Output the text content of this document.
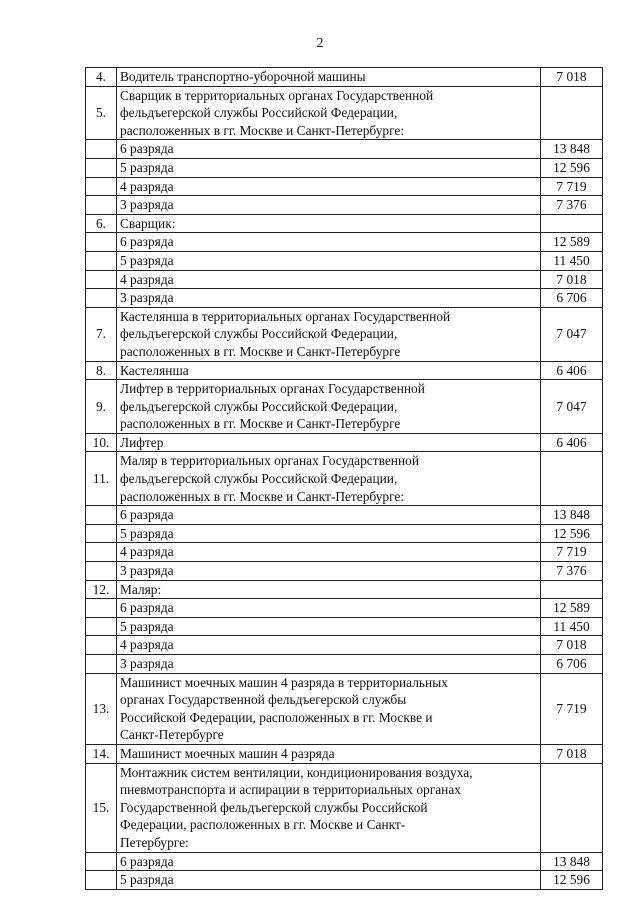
2
4.	Водитель транспортно-уборочной машины	7 018
5.	Сварщик в территориальных органах Государственной
фельдъегерской службы Российской Федерации,
расположенных в гг. Москве и Санкт-Петербурге:	

	6 разряда	13 848
	5 разряда	12 596
	4 разряда	7 719
	3 разряда	7 376
6.	Сварщик:	
	6 разряда	12 589
	5 разряда	11 450
	4 разряда	7 018
	3 разряда	6 706
7.	Кастелянша в территориальных органах Государственной
фельдъегерской службы Российской Федерации,
расположенных в гг. Москве и Санкт-Петербурге	7 047
8.	Кастелянша	6 406
9.	Лифтер в территориальных органах Государственной
фельдъегерской службы Российской Федерации,
расположенных в гг. Москве и Санкт-Петербурге	7 047
10.	Лифтер	6 406
11.	Маляр в территориальных органах Государственной
фельдъегерской службы Российской Федерации,
расположенных в гг. Москве и Санкт-Петербурге:	

	6 разряда	13 848
	5 разряда	12 596
	4 разряда	7 719
	3 разряда	7 376
12.	Маляр:	
	6 разряда	12 589
	5 разряда	11 450
	4 разряда	7 018
	3 разряда	6 706
13.	Машинист моечных машин 4 разряда в территориальных
органах Государственной фельдъегерской службы
Российской Федерации, расположенных в гг. Москве и
Санкт-Петербурге	7 719
14.	Машинист моечных машин 4 разряда	7 018
15.	Монтажник систем вентиляции, кондиционирования воздуха,
пневмотранспорта и аспирации в территориальных органах
Государственной фельдъегерской службы Российской
Федерации, расположенных в гг. Москве и Санкт-
Петербурге:	

	6 разряда	13 848
	5 разряда	12 596
